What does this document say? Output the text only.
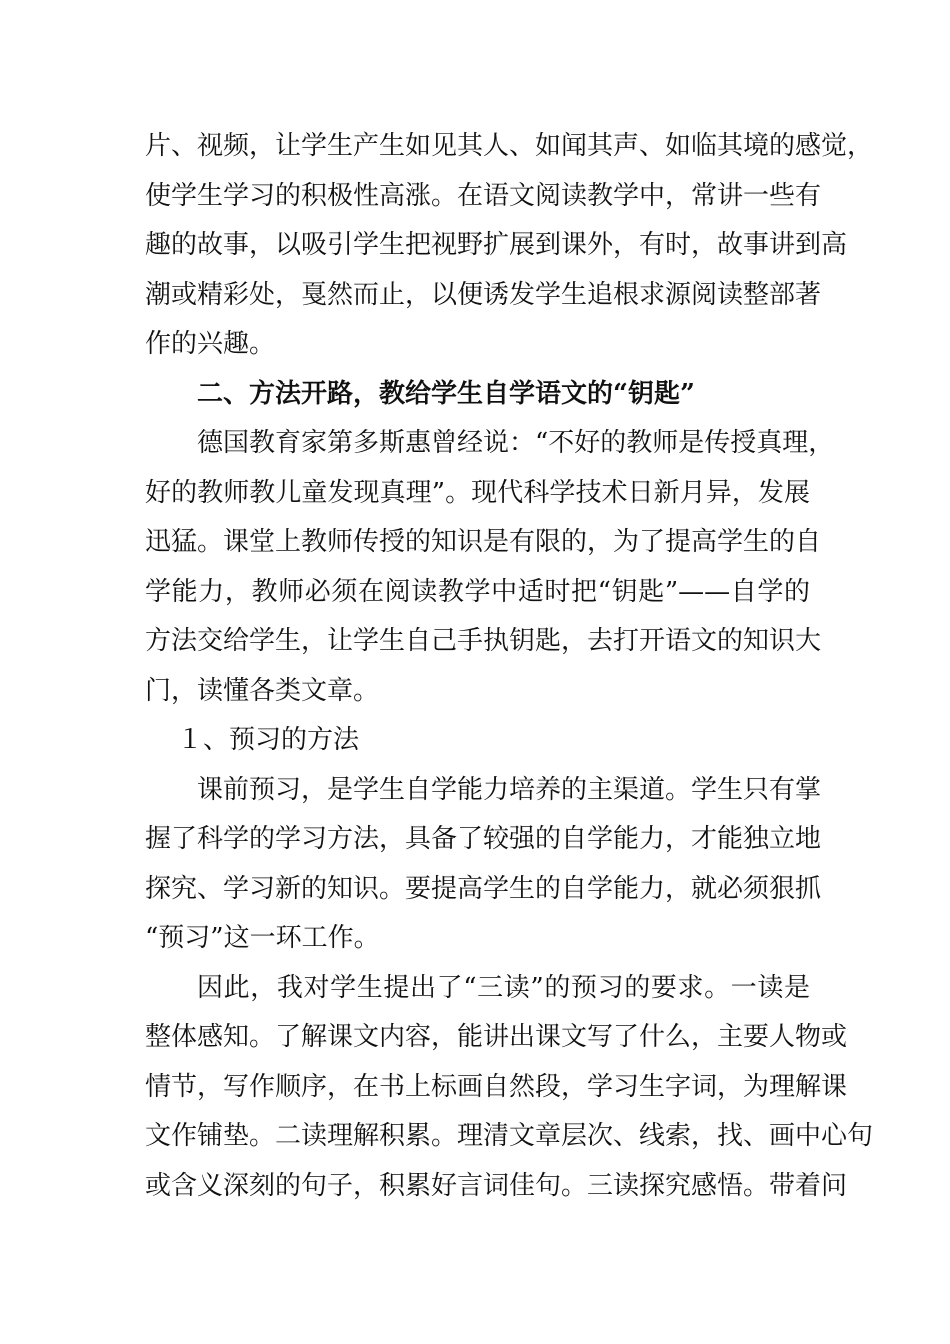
片、视频，让学生产生如见其人、如闻其声、如临其境的感觉，
使学生学习的积极性高涨。在语文阅读教学中，常讲一些有
趣的故事，以吸引学生把视野扩展到课外，有时，故事讲到高
潮或精彩处，戛然而止，以便诱发学生追根求源阅读整部著
作的兴趣。
二、方法开路，教给学生自学语文的“钥匙”
德国教育家第多斯惠曾经说：“不好的教师是传授真理，
好的教师教儿童发现真理”。现代科学技术日新月异，发展
迅猛。课堂上教师传授的知识是有限的，为了提高学生的自
学能力，教师必须在阅读教学中适时把“钥匙”——自学的
方法交给学生，让学生自己手执钥匙，去打开语文的知识大
门，读懂各类文章。
１、预习的方法
课前预习，是学生自学能力培养的主渠道。学生只有掌
握了科学的学习方法，具备了较强的自学能力，才能独立地
探究、学习新的知识。要提高学生的自学能力，就必须狠抓
“预习”这一环工作。
因此，我对学生提出了“三读”的预习的要求。一读是
整体感知。了解课文内容，能讲出课文写了什么，主要人物或
情节，写作顺序，在书上标画自然段，学习生字词，为理解课
文作铺垫。二读理解积累。理清文章层次、线索，找、画中心句
或含义深刻的句子，积累好言词佳句。三读探究感悟。带着问
